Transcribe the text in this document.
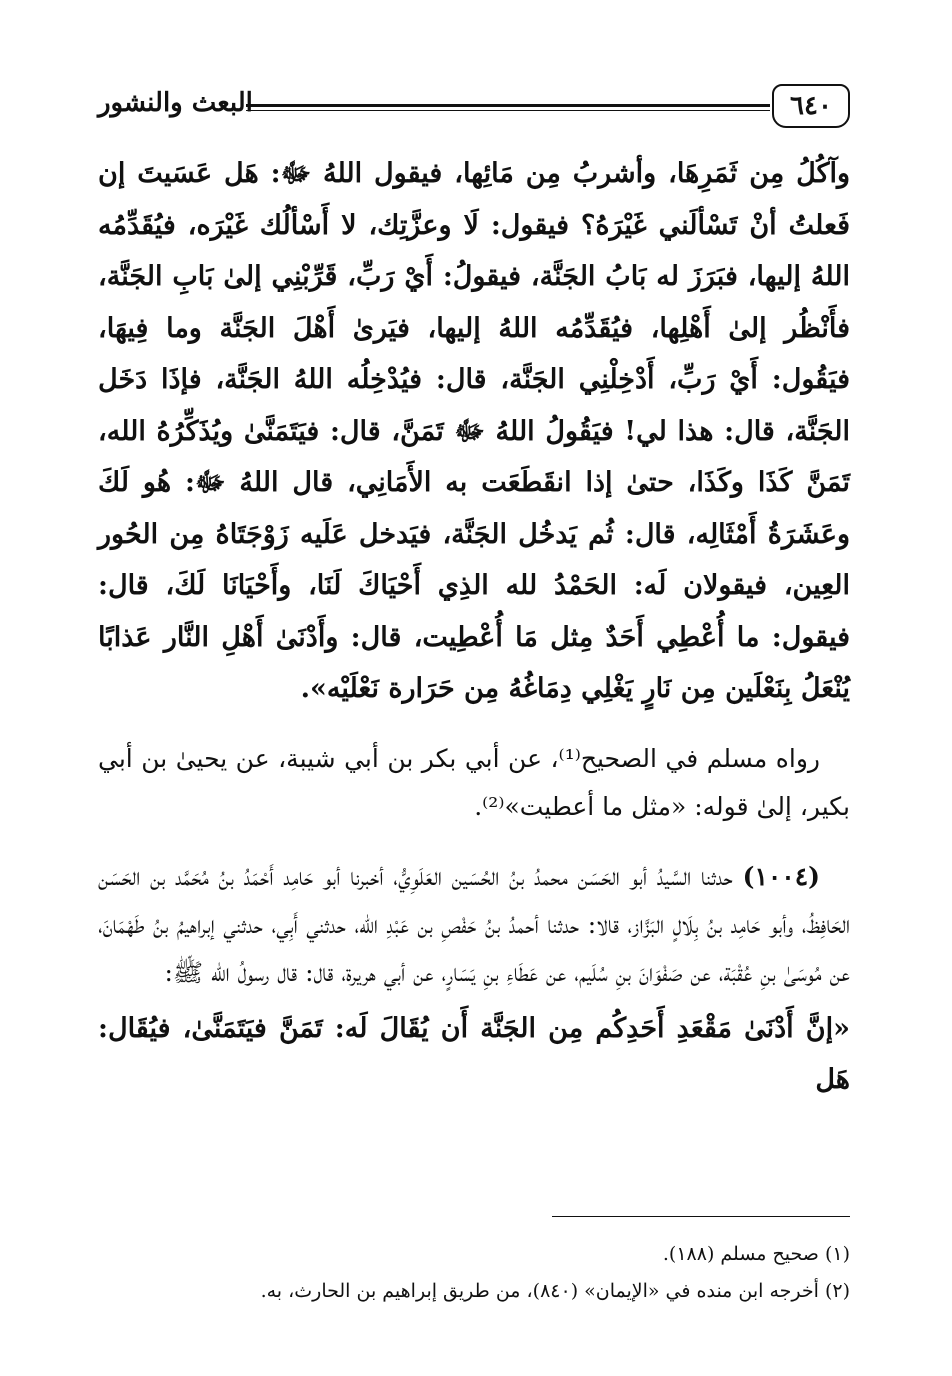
٦٤٠
البعث والنشور

وآكُلُ مِن ثَمَرِهَا، وأشربُ مِن مَائِها، فيقول اللهُ ﷻ: هَل عَسَيتَ إن فَعلتُ أنْ تَسْألَني غَيْرَهُ؟ فيقول: لَا وعزَّتِك، لا أَسْألُك غَيْرَه، فيُقَدِّمُه اللهُ إليها، فبَرَزَ له بَابُ الجَنَّة، فيقولُ: أَيْ رَبِّ، قَرِّبْنِي إلىٰ بَابِ الجَنَّة، فأَنْظُر إلىٰ أَهْلِها، فيُقَدِّمُه اللهُ إليها، فيَرىٰ أَهْلَ الجَنَّة وما فِيهَا، فيَقُول: أَيْ رَبِّ، أَدْخِلْنِي الجَنَّة، قال: فيُدْخِلُه اللهُ الجَنَّة، فإذَا دَخَل الجَنَّة، قال: هذا لي! فيَقُولُ اللهُ ﷻ تَمَنَّ، قال: فيَتَمَنَّىٰ ويُذَكِّرُهُ الله، تَمَنَّ كَذَا وكَذَا، حتىٰ إذا انقَطَعَت به الأَمَانِي، قال اللهُ ﷻ: هُو لَكَ وعَشَرَةُ أَمْثَالِه، قال: ثُم يَدخُل الجَنَّة، فيَدخل عَلَيه زَوْجَتَاهُ مِن الحُور العِين، فيقولان لَه: الحَمْدُ لله الذِي أَحْيَاكَ لَنَا، وأَحْيَانَا لَكَ، قال: فيقول: ما أُعْطِي أَحَدٌ مِثل مَا أُعْطِيت، قال: وأَدْنَىٰ أَهْلِ النَّار عَذابًا يُنْعَلُ بِنَعْلَين مِن نَارٍ يَغْلِي دِمَاغُهُ مِن حَرَارة نَعْلَيْه».

رواه مسلم في الصحيح⁽¹⁾، عن أبي بكر بن أبي شيبة، عن يحيىٰ بن أبي بكير، إلىٰ قوله: «مثل ما أعطيت»⁽²⁾.

(١٠٠٤) حدثنا السَّيدُ أبو الحَسَن محمدُ بنُ الحُسَين العَلَوِيُّ، أخبرنا أبو حَامِد أَحْمَدُ بنُ مُحَمَّد بن الحَسَن الحَافِظُ، وأبو حَامِد بنُ بِلَالٍ البَزَّاز، قالا: حدثنا أحمدُ بنُ حَفْصِ بن عَبْدِ الله، حدثني أَبِي، حدثني إبراهيمُ بنُ طَهْمَانَ، عن مُوسَىٰ بنِ عُقْبَة، عن صَفْوَانَ بنِ سُلَيم، عن عَطَاءِ بنِ يَسَارٍ، عن أبي هريرة، قال: قال رسولُ الله ﷺ:

«إنَّ أَدْنَىٰ مَقْعَدِ أَحَدِكُم مِن الجَنَّة أَن يُقَالَ لَه: تَمَنَّ فيَتَمَنَّىٰ، فيُقَال: هَل

(١) صحيح مسلم (١٨٨).
(٢) أخرجه ابن منده في «الإيمان» (٨٤٠)، من طريق إبراهيم بن الحارث، به.
